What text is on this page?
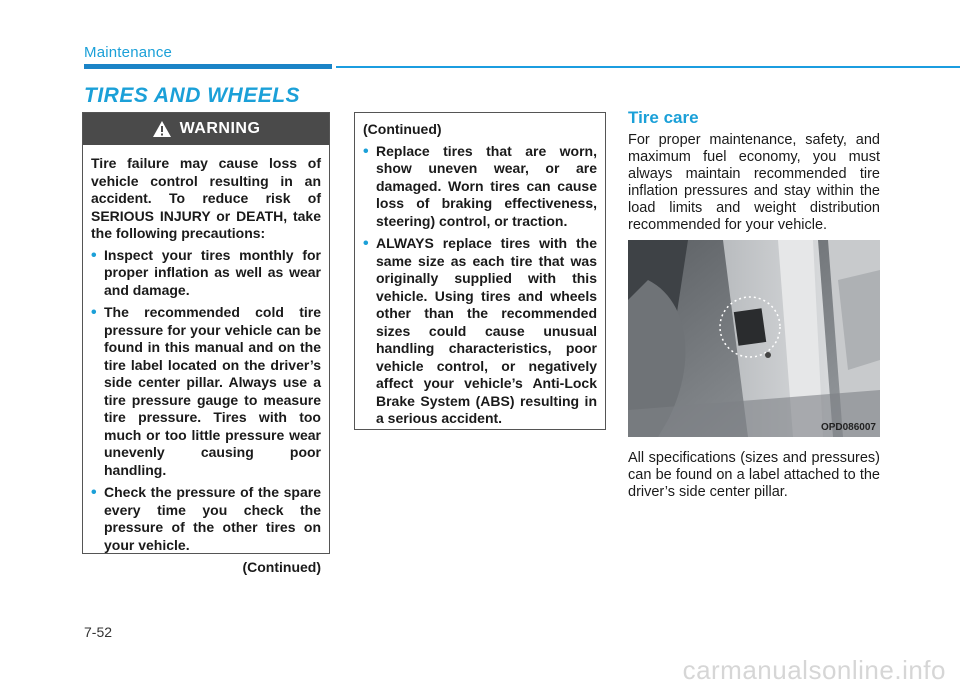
Maintenance
TIRES AND WHEELS
WARNING

Tire failure may cause loss of vehicle control resulting in an accident. To reduce risk of SERIOUS INJURY or DEATH, take the following precautions:

• Inspect your tires monthly for proper inflation as well as wear and damage.
• The recommended cold tire pressure for your vehicle can be found in this manual and on the tire label located on the driver’s side center pillar. Always use a tire pressure gauge to measure tire pressure. Tires with too much or too little pressure wear unevenly causing poor handling.
• Check the pressure of the spare every time you check the pressure of the other tires on your vehicle.

(Continued)

(Continued)

• Replace tires that are worn, show uneven wear, or are damaged. Worn tires can cause loss of braking effectiveness, steering) control, or traction.
• ALWAYS replace tires with the same size as each tire that was originally supplied with this vehicle. Using tires and wheels other than the recommended sizes could cause unusual handling characteristics, poor vehicle control, or negatively affect your vehicle’s Anti-Lock Brake System (ABS) resulting in a serious accident.
Tire care

For proper maintenance, safety, and maximum fuel economy, you must always maintain recommended tire inflation pressures and stay within the load limits and weight distribution recommended for your vehicle.

OPD086007

All specifications (sizes and pressures) can be found on a label attached to the driver’s side center pillar.

7-52
carmanualsonline.info
